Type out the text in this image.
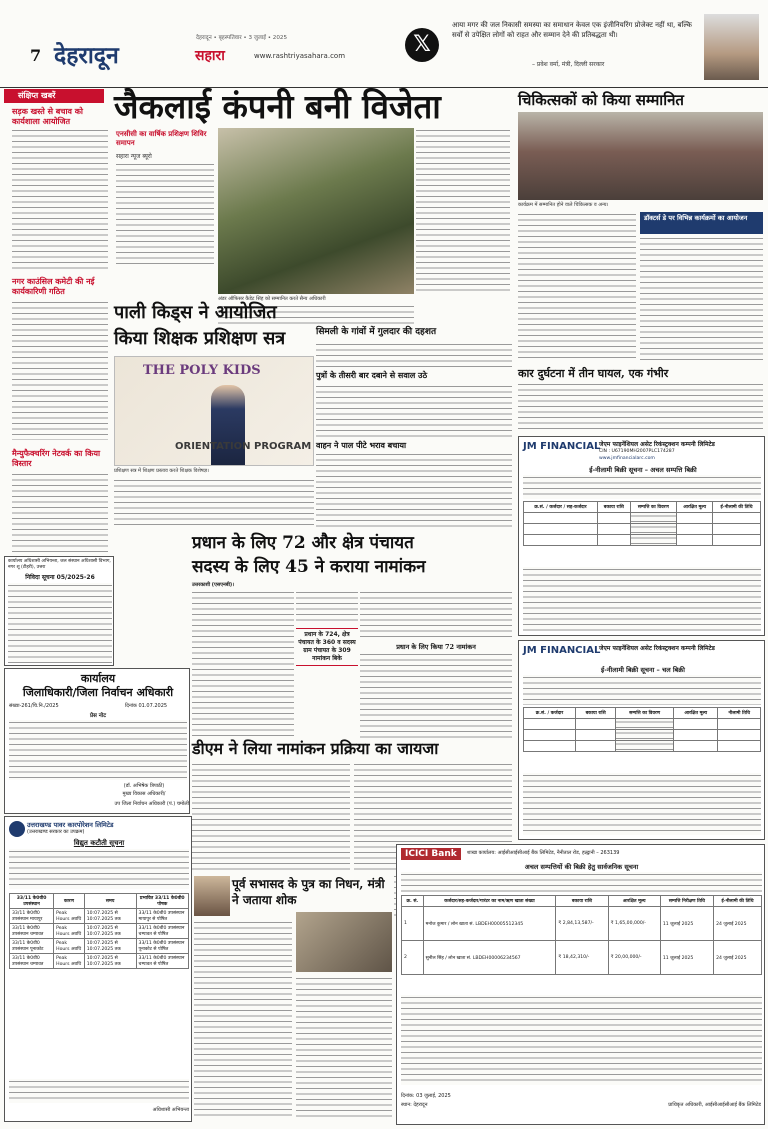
7 देहरादून
देहरादून • बृहस्पतिवार • 3 जुलाई • 2025
सहारा	www.rashtriyasahara.com	𝕏
आया मगर की जल निकासी समस्या का समाधान केवल एक इंजीनियरिंग प्रोजेक्ट नहीं था, बल्कि सर्वों से उपेक्षित लोगों को राहत और सम्मान देने की प्रतिबद्धता थी।
– प्रवेश वर्मा, मंत्री, दिल्ली सरकार
संक्षिप्त खबरें
सड़क खस्ते से बचाव को कार्यशाला आयोजित
नगर काउंसिल कमेटी की नई कार्यकारिणी गठित
मैन्युफैक्चरिंग नेटवर्क का किया विस्तार
जैकलाई कंपनी बनी विजेता
एनसीसी का वार्षिक प्रशिक्षण शिविर समापन
सहारा न्यूज ब्यूरो
अंडर ऑफिसर कैडेट सिंह को सम्मानित करते सैन्य अधिकारी
चिकित्सकों को किया सम्मानित
कार्यक्रम में सम्मानित होने वाले चिकित्सक व अन्य।
डॉक्टर्स डे पर विभिन्न कार्यक्रमों का आयोजन
सिमली के गांवों में गुलदार की दहशत
पुत्रों के तीसरी बार दबाने से सवाल उठे
पाली किड्स ने आयोजित किया शिक्षक प्रशिक्षण सत्र
THE POLY KIDS
ORIENTATION PROGRAM
प्रशिक्षण सत्र में शिक्षण प्रस्ताव करते शिक्षक विशेषज्ञ।
वाहन ने पाल पीटे भराव बचाया
कार दुर्घटना में तीन घायल, एक गंभीर
JM FINANCIAL
जेएम फाइनेंशियल असेट रिकंस्ट्रक्शन कम्पनी लिमिटेड
CIN : U67190MH2007PLC174287
www.jmfinancialarc.com
ई-नीलामी बिक्री सूचना – अचल सम्पत्ति बिक्री
क्र.सं. / कर्जदार / सह-कर्जदार	बकाया राशि	सम्पत्ति का विवरण	आरक्षित मूल्य	ई-नीलामी की तिथि

JM FINANCIAL
जेएम फाइनेंशियल असेट रिकंस्ट्रक्शन कम्पनी लिमिटेड
ई-नीलामी बिक्री सूचना – चल बिक्री
क्र.सं. / कर्जदार	बकाया राशि	सम्पत्ति का विवरण	आरक्षित मूल्य	नीलामी तिथि

कार्यालय अधिशासी अभियन्ता, जल संस्थान अधिशासी विभाग, नगर शू (टीहरी), उत्तरा
निविदा सूचना 05/2025-26
प्रधान के लिए 72 और क्षेत्र पंचायत
सदस्य के लिए 45 ने कराया नामांकन
उत्तरकाशी (एसएनबी)।
प्रधान के 724, क्षेत्र पंचायत के 360 व सदस्य ग्राम पंचायत के 309 नामांकन बिके
प्रधान के लिए किया 72 नामांकन
कार्यालय
जिलाधिकारी/जिला निर्वाचन अधिकारी
संख्या-261/चि.नि./2025	दिनांक 01.07.2025
प्रेस नोट
(डॉ. अभिषेक त्रिपाठी)
मुख्य विकास अधिकारी/
उप जिला निर्वाचन अधिकारी (पं.) चमोली
डीएम ने लिया नामांकन प्रक्रिया का जायजा
उत्तराखण्ड पावर कारपोरेशन लिमिटेड
(उत्तराखण्ड सरकार का उपक्रम)
विद्युत कटौती सूचना
33/11 के0वी0 उपसंस्थान	कारण	समय	प्रभावित 33/11 के0वी0 पोषक
33/11 के0वी0 उपसंस्थान मायापुर	Peak Hours अवधि	10:07.2025 से 10:07.2025 तक	33/11 के0वी0 उपसंस्थान मायापुर से पोषित
33/11 के0वी0 उपसंस्थान चम्पावत	Peak Hours अवधि	10:07.2025 से 10:07.2025 तक	33/11 के0वी0 उपसंस्थान चम्पावत से पोषित
33/11 के0वी0 उपसंस्थान पूनाकोट	Peak Hours अवधि	10:07.2025 से 10:07.2025 तक	33/11 के0वी0 उपसंस्थान पूनाकोट से पोषित
33/11 के0वी0 उपसंस्थान चम्पावत	Peak Hours अवधि	10:07.2025 से 10:07.2025 तक	33/11 के0वी0 उपसंस्थान चम्पावत से पोषित
अधिशासी अभियन्ता
पूर्व सभासद के पुत्र का निधन, मंत्री ने जताया शोक
ICICI Bank	शाखा कार्यालय: आईसीआईसीआई बैंक लिमिटेड, नैनीताल रोड, हल्द्वानी – 263139
अचल सम्पत्तियों की बिक्री हेतु सार्वजनिक सूचना
क्र. सं.	कर्जदार/सह-कर्जदार/गारंटर का नाम/ऋण खाता संख्या	बकाया राशि	आरक्षित मूल्य	सम्पत्ति निरीक्षण तिथि	ई-नीलामी की तिथि
1	मनोज कुमार / लोन खाता सं. LBDEH00005512345	₹ 2,84,13,587/-	₹ 1,65,00,000/-	11 जुलाई 2025	24 जुलाई 2025
2	सुनील सिंह / लोन खाता सं. LBDEH00006234567	₹ 18,42,310/-	₹ 20,00,000/-	11 जुलाई 2025	24 जुलाई 2025
दिनांक: 03 जुलाई, 2025
स्थान: देहरादून	प्राधिकृत अधिकारी, आईसीआईसीआई बैंक लिमिटेड
